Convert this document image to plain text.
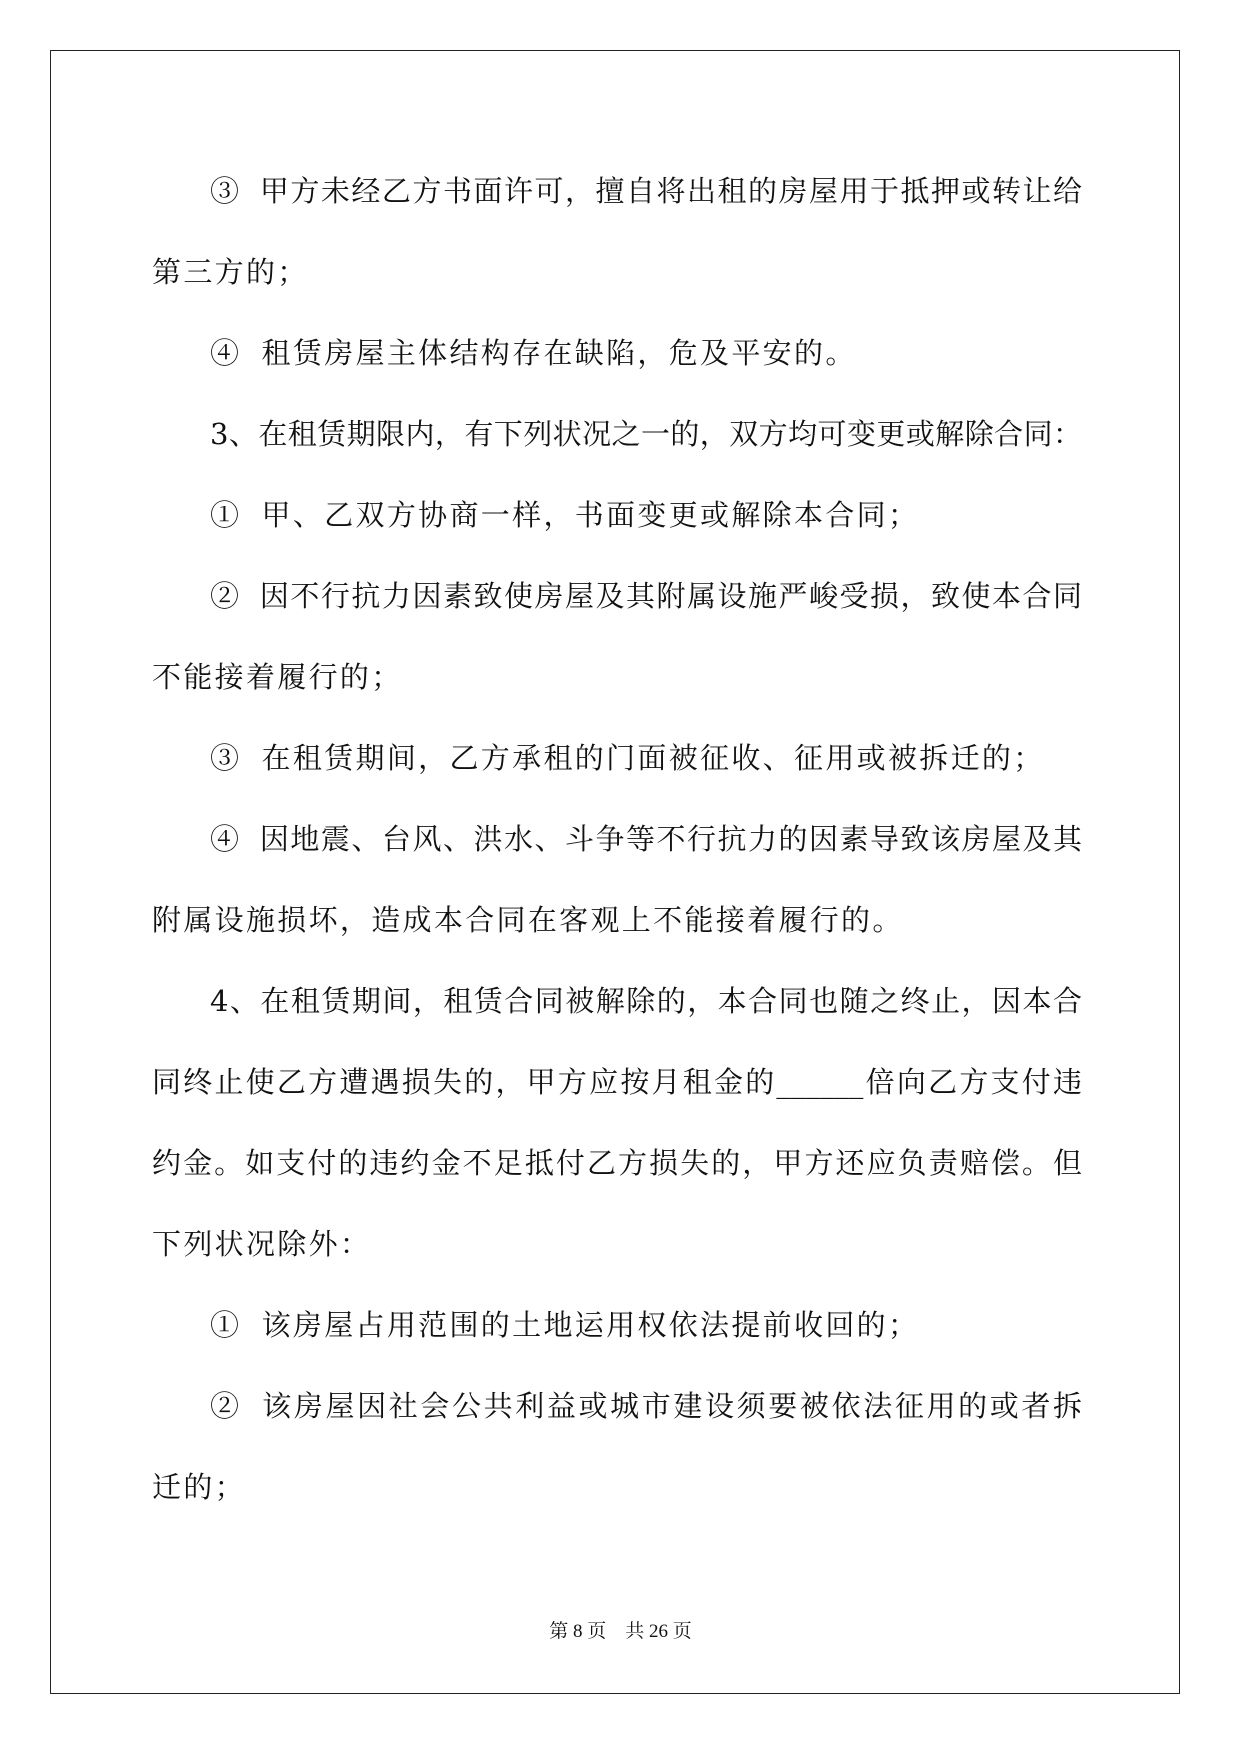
③ 甲方未经乙方书面许可，擅自将出租的房屋用于抵押或转让给
第三方的；
④ 租赁房屋主体结构存在缺陷，危及平安的。
3、在租赁期限内，有下列状况之一的，双方均可变更或解除合同：
① 甲、乙双方协商一样，书面变更或解除本合同；
② 因不行抗力因素致使房屋及其附属设施严峻受损，致使本合同
不能接着履行的；
③ 在租赁期间，乙方承租的门面被征收、征用或被拆迁的；
④ 因地震、台风、洪水、斗争等不行抗力的因素导致该房屋及其
附属设施损坏，造成本合同在客观上不能接着履行的。
4、在租赁期间，租赁合同被解除的，本合同也随之终止，因本合
同终止使乙方遭遇损失的，甲方应按月租金的______倍向乙方支付违
约金。如支付的违约金不足抵付乙方损失的，甲方还应负责赔偿。但
下列状况除外：
① 该房屋占用范围的土地运用权依法提前收回的；
② 该房屋因社会公共利益或城市建设须要被依法征用的或者拆
迁的；
第 8 页    共 26 页
